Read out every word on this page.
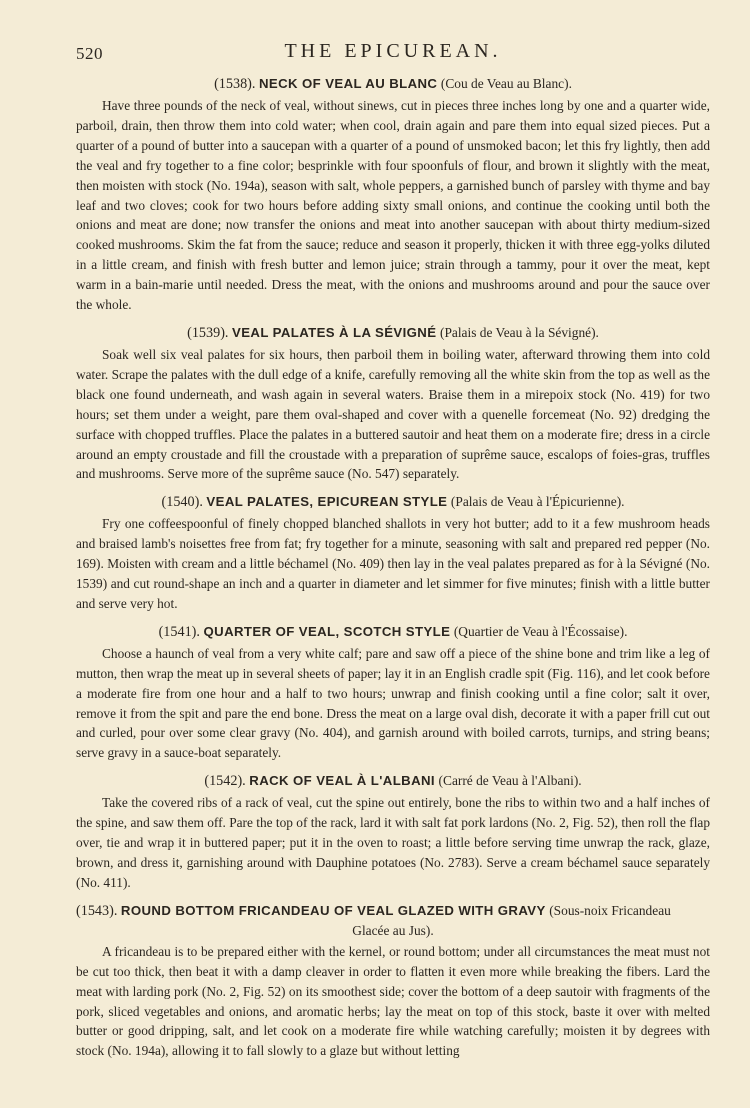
520	THE EPICUREAN.
(1538). NECK OF VEAL AU BLANC (Cou de Veau au Blanc).

Have three pounds of the neck of veal, without sinews, cut in pieces three inches long by one and a quarter wide, parboil, drain, then throw them into cold water; when cool, drain again and pare them into equal sized pieces. Put a quarter of a pound of butter into a saucepan with a quarter of a pound of unsmoked bacon; let this fry lightly, then add the veal and fry together to a fine color; besprinkle with four spoonfuls of flour, and brown it slightly with the meat, then moisten with stock (No. 194a), season with salt, whole peppers, a garnished bunch of parsley with thyme and bay leaf and two cloves; cook for two hours before adding sixty small onions, and continue the cooking until both the onions and meat are done; now transfer the onions and meat into another saucepan with about thirty medium-sized cooked mushrooms. Skim the fat from the sauce; reduce and season it properly, thicken it with three egg-yolks diluted in a little cream, and finish with fresh butter and lemon juice; strain through a tammy, pour it over the meat, kept warm in a bain-marie until needed. Dress the meat, with the onions and mushrooms around and pour the sauce over the whole.

(1539). VEAL PALATES À LA SÉVIGNÉ (Palais de Veau à la Sévigné).

Soak well six veal palates for six hours, then parboil them in boiling water, afterward throwing them into cold water. Scrape the palates with the dull edge of a knife, carefully removing all the white skin from the top as well as the black one found underneath, and wash again in several waters. Braise them in a mirepoix stock (No. 419) for two hours; set them under a weight, pare them oval-shaped and cover with a quenelle forcemeat (No. 92) dredging the surface with chopped truffles. Place the palates in a buttered sautoir and heat them on a moderate fire; dress in a circle around an empty croustade and fill the croustade with a preparation of suprême sauce, escalops of foies-gras, truffles and mushrooms. Serve more of the suprême sauce (No. 547) separately.

(1540). VEAL PALATES, EPICUREAN STYLE (Palais de Veau à l'Épicurienne).

Fry one coffeespoonful of finely chopped blanched shallots in very hot butter; add to it a few mushroom heads and braised lamb's noisettes free from fat; fry together for a minute, seasoning with salt and prepared red pepper (No. 169). Moisten with cream and a little béchamel (No. 409) then lay in the veal palates prepared as for à la Sévigné (No. 1539) and cut round-shape an inch and a quarter in diameter and let simmer for five minutes; finish with a little butter and serve very hot.

(1541). QUARTER OF VEAL, SCOTCH STYLE (Quartier de Veau à l'Écossaise).

Choose a haunch of veal from a very white calf; pare and saw off a piece of the shine bone and trim like a leg of mutton, then wrap the meat up in several sheets of paper; lay it in an English cradle spit (Fig. 116), and let cook before a moderate fire from one hour and a half to two hours; unwrap and finish cooking until a fine color; salt it over, remove it from the spit and pare the end bone. Dress the meat on a large oval dish, decorate it with a paper frill cut out and curled, pour over some clear gravy (No. 404), and garnish around with boiled carrots, turnips, and string beans; serve gravy in a sauce-boat separately.

(1542). RACK OF VEAL À L'ALBANI (Carré de Veau à l'Albani).

Take the covered ribs of a rack of veal, cut the spine out entirely, bone the ribs to within two and a half inches of the spine, and saw them off. Pare the top of the rack, lard it with salt fat pork lardons (No. 2, Fig. 52), then roll the flap over, tie and wrap it in buttered paper; put it in the oven to roast; a little before serving time unwrap the rack, glaze, brown, and dress it, garnishing around with Dauphine potatoes (No. 2783). Serve a cream béchamel sauce separately (No. 411).

(1543). ROUND BOTTOM FRICANDEAU OF VEAL GLAZED WITH GRAVY (Sous-noix Fricandeau
Glacée au Jus).

A fricandeau is to be prepared either with the kernel, or round bottom; under all circumstances the meat must not be cut too thick, then beat it with a damp cleaver in order to flatten it even more while breaking the fibers. Lard the meat with larding pork (No. 2, Fig. 52) on its smoothest side; cover the bottom of a deep sautoir with fragments of the pork, sliced vegetables and onions, and aromatic herbs; lay the meat on top of this stock, baste it over with melted butter or good dripping, salt, and let cook on a moderate fire while watching carefully; moisten it by degrees with stock (No. 194a), allowing it to fall slowly to a glaze but without letting
